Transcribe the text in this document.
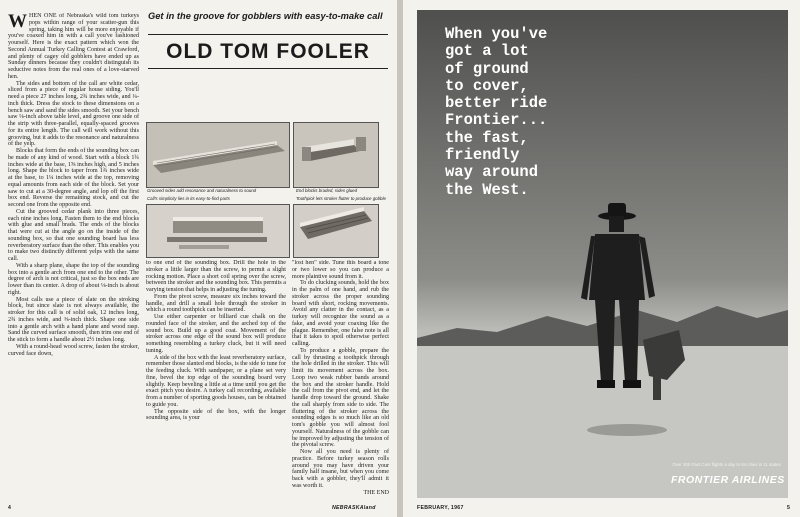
W HEN ONE of Nebraska's wild tom turkeys pops within range of your scatter-gun this spring, taking him will be more enjoyable if you've coaxed him in with a call you've fashioned yourself. Here is the exact pattern which won the Second Annual Turkey Calling Contest at Crawford, and plenty of cagey old gobblers have ended up as Sunday dinners because they couldn't distinguish its seductive notes from the real ones of a love-starved hen.

The sides and bottom of the call are white cedar, sliced from a piece of regular house siding. You'll need a piece 27 inches long, 2¾ inches wide, and ¼-inch thick. Dress the stock to these dimensions on a bench saw and sand the sides smooth. Set your bench saw ⅛-inch above table level, and groove one side of the strip with three-parallel, equally-spaced grooves for its entire length. The call will work without this grooving, but it adds to the resonance and naturalness of the yelp.

Blocks that form the ends of the sounding box can be made of any kind of wood. Start with a block 1¾ inches wide at the base, 1⅝ inches high, and 5 inches long. Shape the block to taper from 1¾ inches wide at the base, to 1¼ inches wide at the top, removing equal amounts from each side of the block. Set your saw to cut at a 30-degree angle, and lop off the first box end. Reverse the remaining stock, and cut the second one from the opposite end.

Cut the grooved cedar plank into three pieces, each nine inches long. Fasten them to the end blocks with glue and small brads. The ends of the blocks that were cut at the angle go on the inside of the sounding box, so that one sounding board has less reverberatory surface than the other. This enables you to make two distinctly different yelps with the same call.

With a sharp plane, shape the top of the sounding box into a gentle arch from one end to the other. The degree of arch is not critical, just so the box ends are lower than its center. A drop of about ⅛-inch is about right.

Most calls use a piece of slate on the stroking block, but since slate is not always available, the stroker for this call is of solid oak, 12 inches long, 2¾ inches wide, and ⅜-inch thick. Shape one side into a gentle arch with a hand plane and wood rasp. Sand the curved surface smooth, then trim one end of the stick to form a handle about 2½ inches long.

With a round-head wood screw, fasten the stroker, curved face down,

Get in the groove for gobblers with easy-to-make call
OLD TOM FOOLER
Grooved sides add resonance and naturalness to sound	End blocks braded, sides glued
Call's simplicity lies in its easy-to-find parts	Toothpick lets stroker flutter to produce gobble

to one end of the sounding box. Drill the hole in the stroker a little larger than the screw, to permit a slight rocking motion. Place a short coil spring over the screw, between the stroker and the sounding box. This permits a varying tension that helps in adjusting the tuning.

From the pivot screw, measure six inches toward the handle, and drill a small hole through the stroker in which a round toothpick can be inserted.

Use either carpenter or billiard cue chalk on the rounded face of the stroker, and the arched top of the sound box. Build up a good coat. Movement of the stroker across one edge of the sound box will produce something resembling a turkey cluck, but it will need tuning.

A side of the box with the least reverberatory surface, remember those slanted end blocks, is the side to tune for the feeding cluck. With sandpaper, or a plane set very fine, bevel the top edge of the sounding board very slightly. Keep beveling a little at a time until you get the exact pitch you desire. A turkey call recording, available from a number of sporting goods houses, can be obtained to guide you.

The opposite side of the box, with the longer sounding area, is your

"lost hen" side. Tune this board a tone or two lower so you can produce a more plaintive sound from it.

To do clucking sounds, hold the box in the palm of one hand, and rub the stroker across the proper sounding board with short, rocking movements. Avoid any clatter in the contact, as a turkey will recognize the sound as a fake, and avoid your coaxing like the plague. Remember, one false note is all that it takes to spoil otherwise perfect calling.

To produce a gobble, prepare the call by thrusting a toothpick through the hole drilled in the stroker. This will limit its movement across the box. Loop two weak rubber bands around the box and the stroker handle. Hold the call from the pivot end, and let the handle drop toward the ground. Shake the call sharply from side to side. The fluttering of the stroker across the sounding edges is so much like an old tom's gobble you will almost fool yourself. Naturalness of the gobble can be improved by adjusting the tension of the pivotal screw.

Now all you need is plenty of practice. Before turkey season rolls around you may have driven your family half insane, but when you come back with a gobbler, they'll admit it was worth it.

THE END
4	NEBRASKAland
When you've
got a lot
of ground
to cover,
better ride
Frontier...
the fast,
friendly
way around
the West.
Over 300 Fast Cars flights a day to 84 cities in 11 states
FRONTIER AIRLINES
FEBRUARY, 1967	5
